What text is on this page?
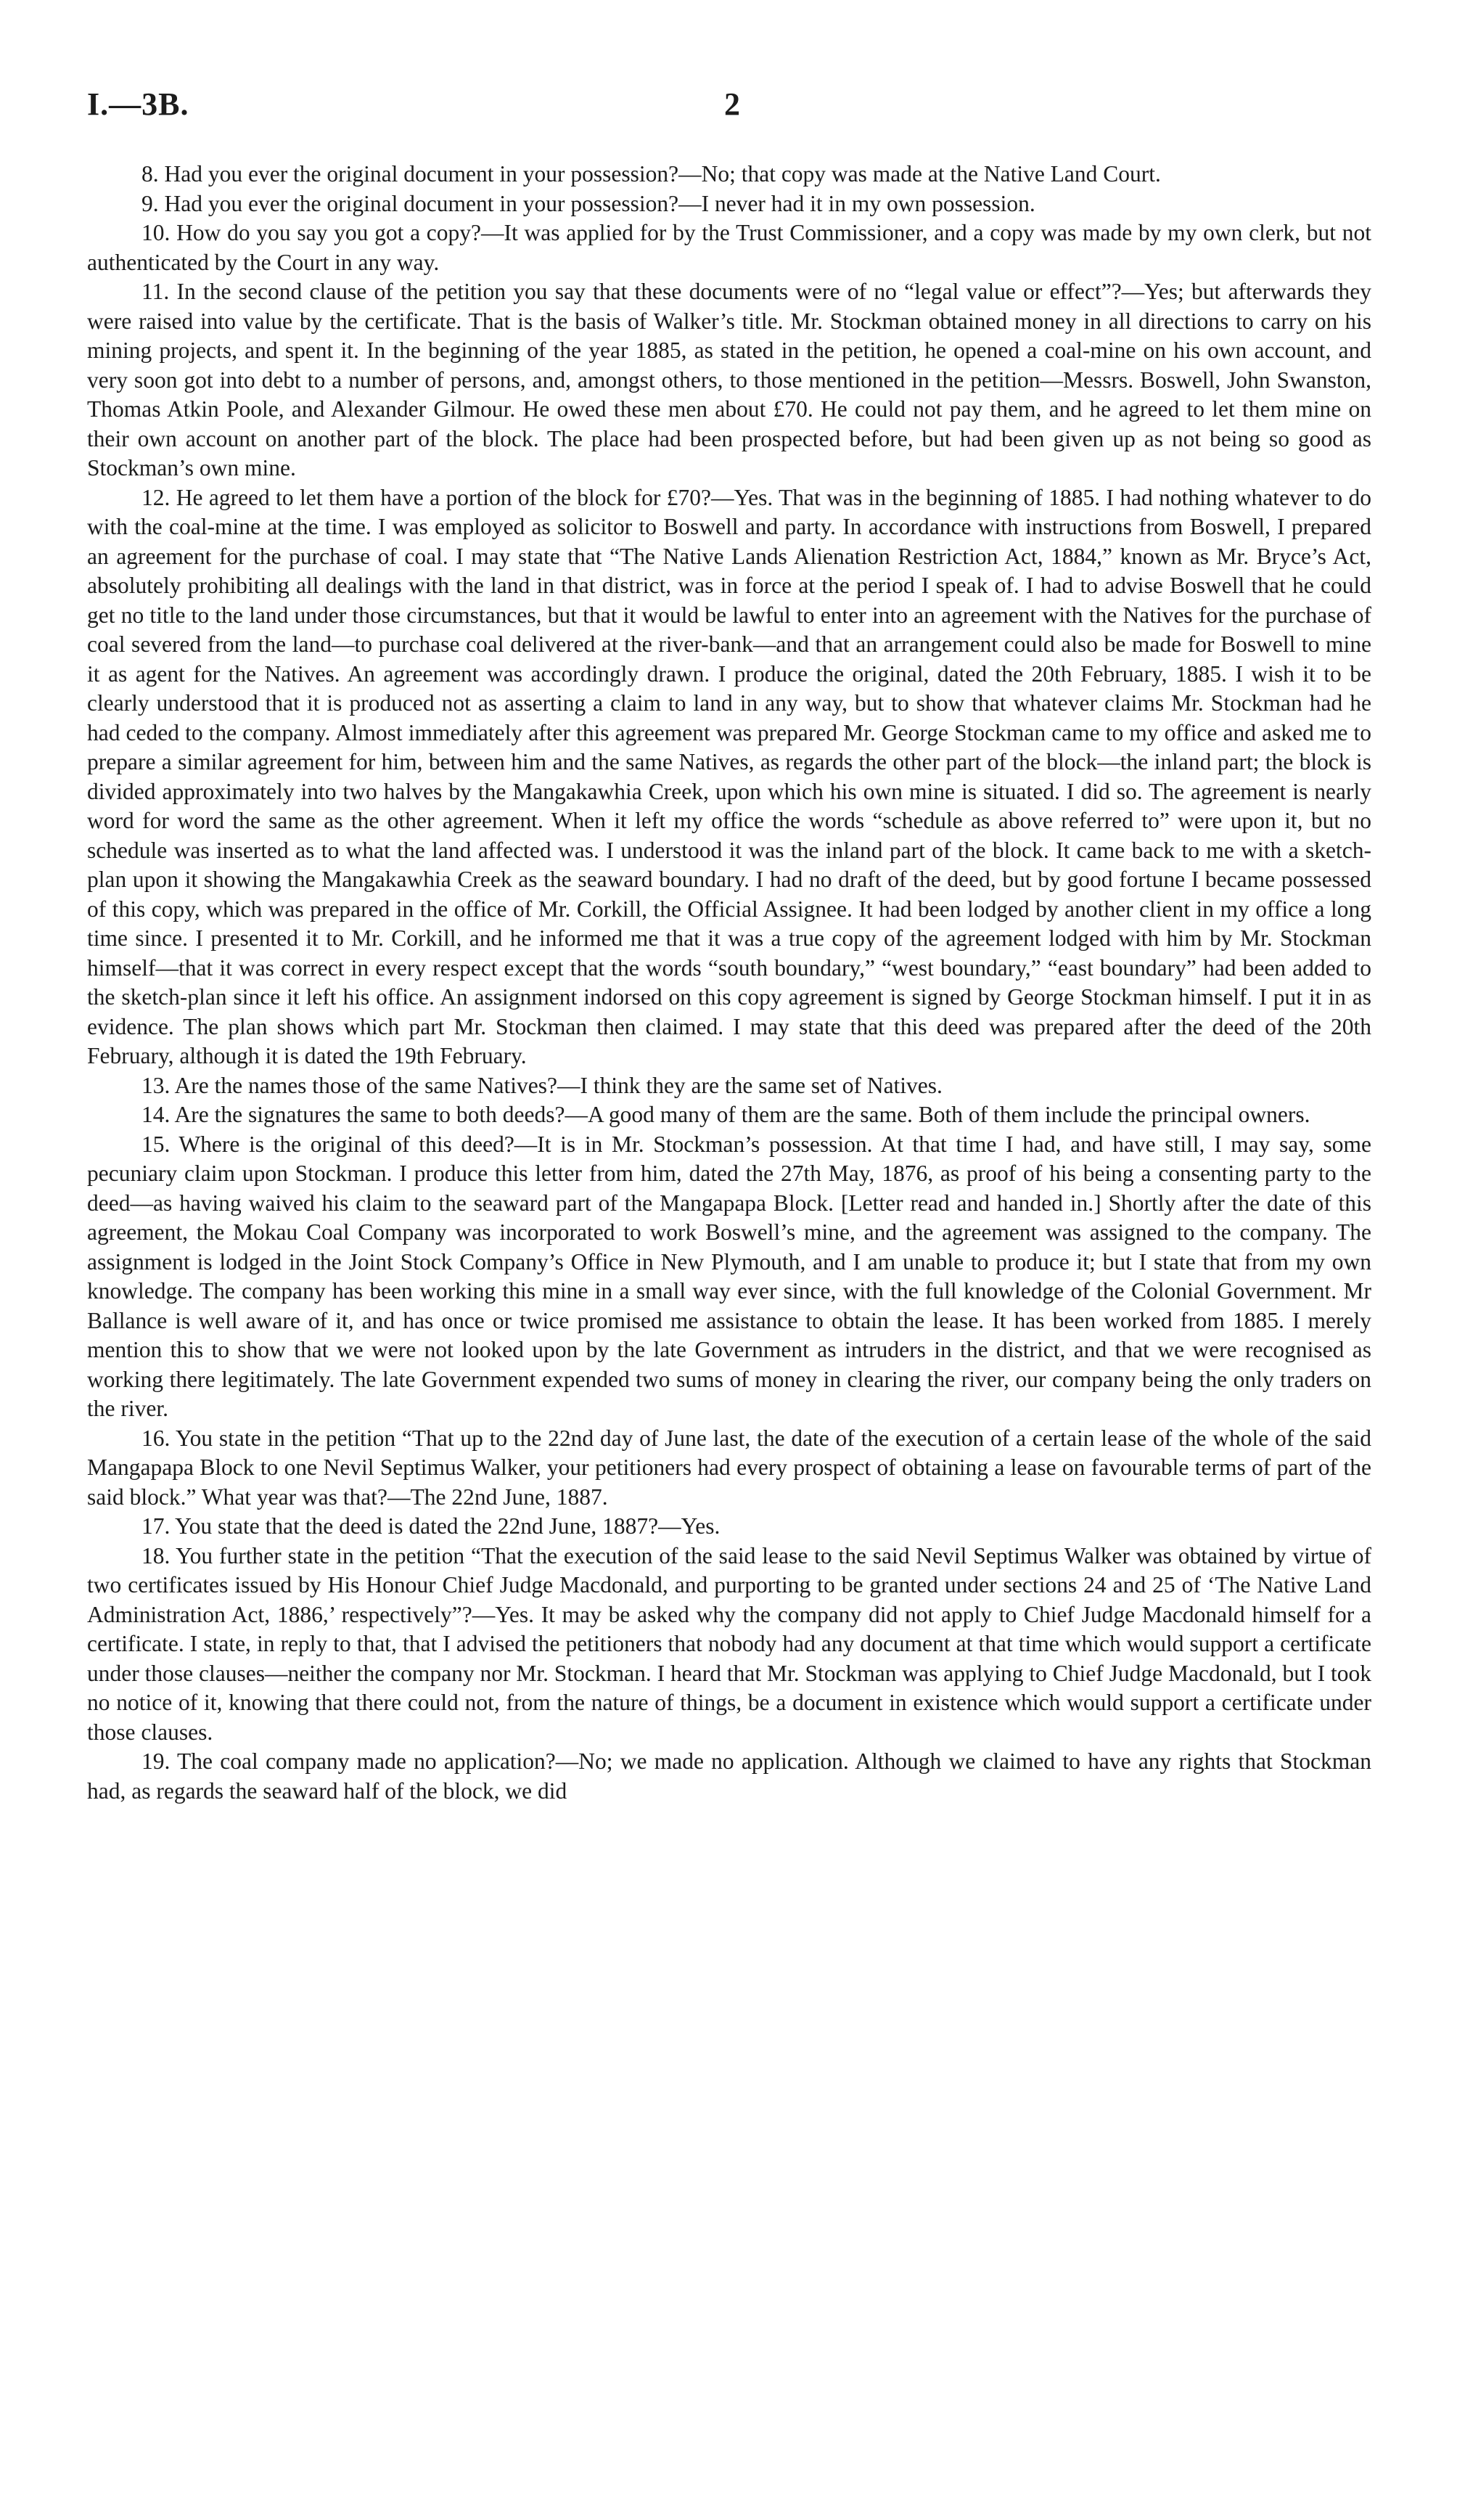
I.—3B.	2

8. Had you ever the original document in your possession?—No; that copy was made at the Native Land Court.

9. Had you ever the original document in your possession?—I never had it in my own possession.

10. How do you say you got a copy?—It was applied for by the Trust Commissioner, and a copy was made by my own clerk, but not authenticated by the Court in any way.

11. In the second clause of the petition you say that these documents were of no “legal value or effect”?—Yes; but afterwards they were raised into value by the certificate. That is the basis of Walker’s title. Mr. Stockman obtained money in all directions to carry on his mining projects, and spent it. In the beginning of the year 1885, as stated in the petition, he opened a coal-mine on his own account, and very soon got into debt to a number of persons, and, amongst others, to those mentioned in the petition—Messrs. Boswell, John Swanston, Thomas Atkin Poole, and Alexander Gilmour. He owed these men about £70. He could not pay them, and he agreed to let them mine on their own account on another part of the block. The place had been prospected before, but had been given up as not being so good as Stockman’s own mine.

12. He agreed to let them have a portion of the block for £70?—Yes. That was in the beginning of 1885. I had nothing whatever to do with the coal-mine at the time. I was employed as solicitor to Boswell and party. In accordance with instructions from Boswell, I prepared an agreement for the purchase of coal. I may state that “The Native Lands Alienation Restriction Act, 1884,” known as Mr. Bryce’s Act, absolutely prohibiting all dealings with the land in that district, was in force at the period I speak of. I had to advise Boswell that he could get no title to the land under those circumstances, but that it would be lawful to enter into an agreement with the Natives for the purchase of coal severed from the land—to purchase coal delivered at the river-bank—and that an arrangement could also be made for Boswell to mine it as agent for the Natives. An agreement was accordingly drawn. I produce the original, dated the 20th February, 1885. I wish it to be clearly understood that it is produced not as asserting a claim to land in any way, but to show that whatever claims Mr. Stockman had he had ceded to the company. Almost immediately after this agreement was prepared Mr. George Stockman came to my office and asked me to prepare a similar agreement for him, between him and the same Natives, as regards the other part of the block—the inland part; the block is divided approximately into two halves by the Mangakawhia Creek, upon which his own mine is situated. I did so. The agreement is nearly word for word the same as the other agreement. When it left my office the words “schedule as above referred to” were upon it, but no schedule was inserted as to what the land affected was. I understood it was the inland part of the block. It came back to me with a sketch-plan upon it showing the Mangakawhia Creek as the seaward boundary. I had no draft of the deed, but by good fortune I became possessed of this copy, which was prepared in the office of Mr. Corkill, the Official Assignee. It had been lodged by another client in my office a long time since. I presented it to Mr. Corkill, and he informed me that it was a true copy of the agreement lodged with him by Mr. Stockman himself—that it was correct in every respect except that the words “south boundary,” “west boundary,” “east boundary” had been added to the sketch-plan since it left his office. An assignment indorsed on this copy agreement is signed by George Stockman himself. I put it in as evidence. The plan shows which part Mr. Stockman then claimed. I may state that this deed was prepared after the deed of the 20th February, although it is dated the 19th February.

13. Are the names those of the same Natives?—I think they are the same set of Natives.

14. Are the signatures the same to both deeds?—A good many of them are the same. Both of them include the principal owners.

15. Where is the original of this deed?—It is in Mr. Stockman’s possession. At that time I had, and have still, I may say, some pecuniary claim upon Stockman. I produce this letter from him, dated the 27th May, 1876, as proof of his being a consenting party to the deed—as having waived his claim to the seaward part of the Mangapapa Block. [Letter read and handed in.] Shortly after the date of this agreement, the Mokau Coal Company was incorporated to work Boswell’s mine, and the agreement was assigned to the company. The assignment is lodged in the Joint Stock Company’s Office in New Plymouth, and I am unable to produce it; but I state that from my own knowledge. The company has been working this mine in a small way ever since, with the full knowledge of the Colonial Government. Mr Ballance is well aware of it, and has once or twice promised me assistance to obtain the lease. It has been worked from 1885. I merely mention this to show that we were not looked upon by the late Government as intruders in the district, and that we were recognised as working there legitimately. The late Government expended two sums of money in clearing the river, our company being the only traders on the river.

16. You state in the petition “That up to the 22nd day of June last, the date of the execution of a certain lease of the whole of the said Mangapapa Block to one Nevil Septimus Walker, your petitioners had every prospect of obtaining a lease on favourable terms of part of the said block.” What year was that?—The 22nd June, 1887.

17. You state that the deed is dated the 22nd June, 1887?—Yes.

18. You further state in the petition “That the execution of the said lease to the said Nevil Septimus Walker was obtained by virtue of two certificates issued by His Honour Chief Judge Macdonald, and purporting to be granted under sections 24 and 25 of ‘The Native Land Administration Act, 1886,’ respectively”?—Yes. It may be asked why the company did not apply to Chief Judge Macdonald himself for a certificate. I state, in reply to that, that I advised the petitioners that nobody had any document at that time which would support a certificate under those clauses—neither the company nor Mr. Stockman. I heard that Mr. Stockman was applying to Chief Judge Macdonald, but I took no notice of it, knowing that there could not, from the nature of things, be a document in existence which would support a certificate under those clauses.

19. The coal company made no application?—No; we made no application. Although we claimed to have any rights that Stockman had, as regards the seaward half of the block, we did
